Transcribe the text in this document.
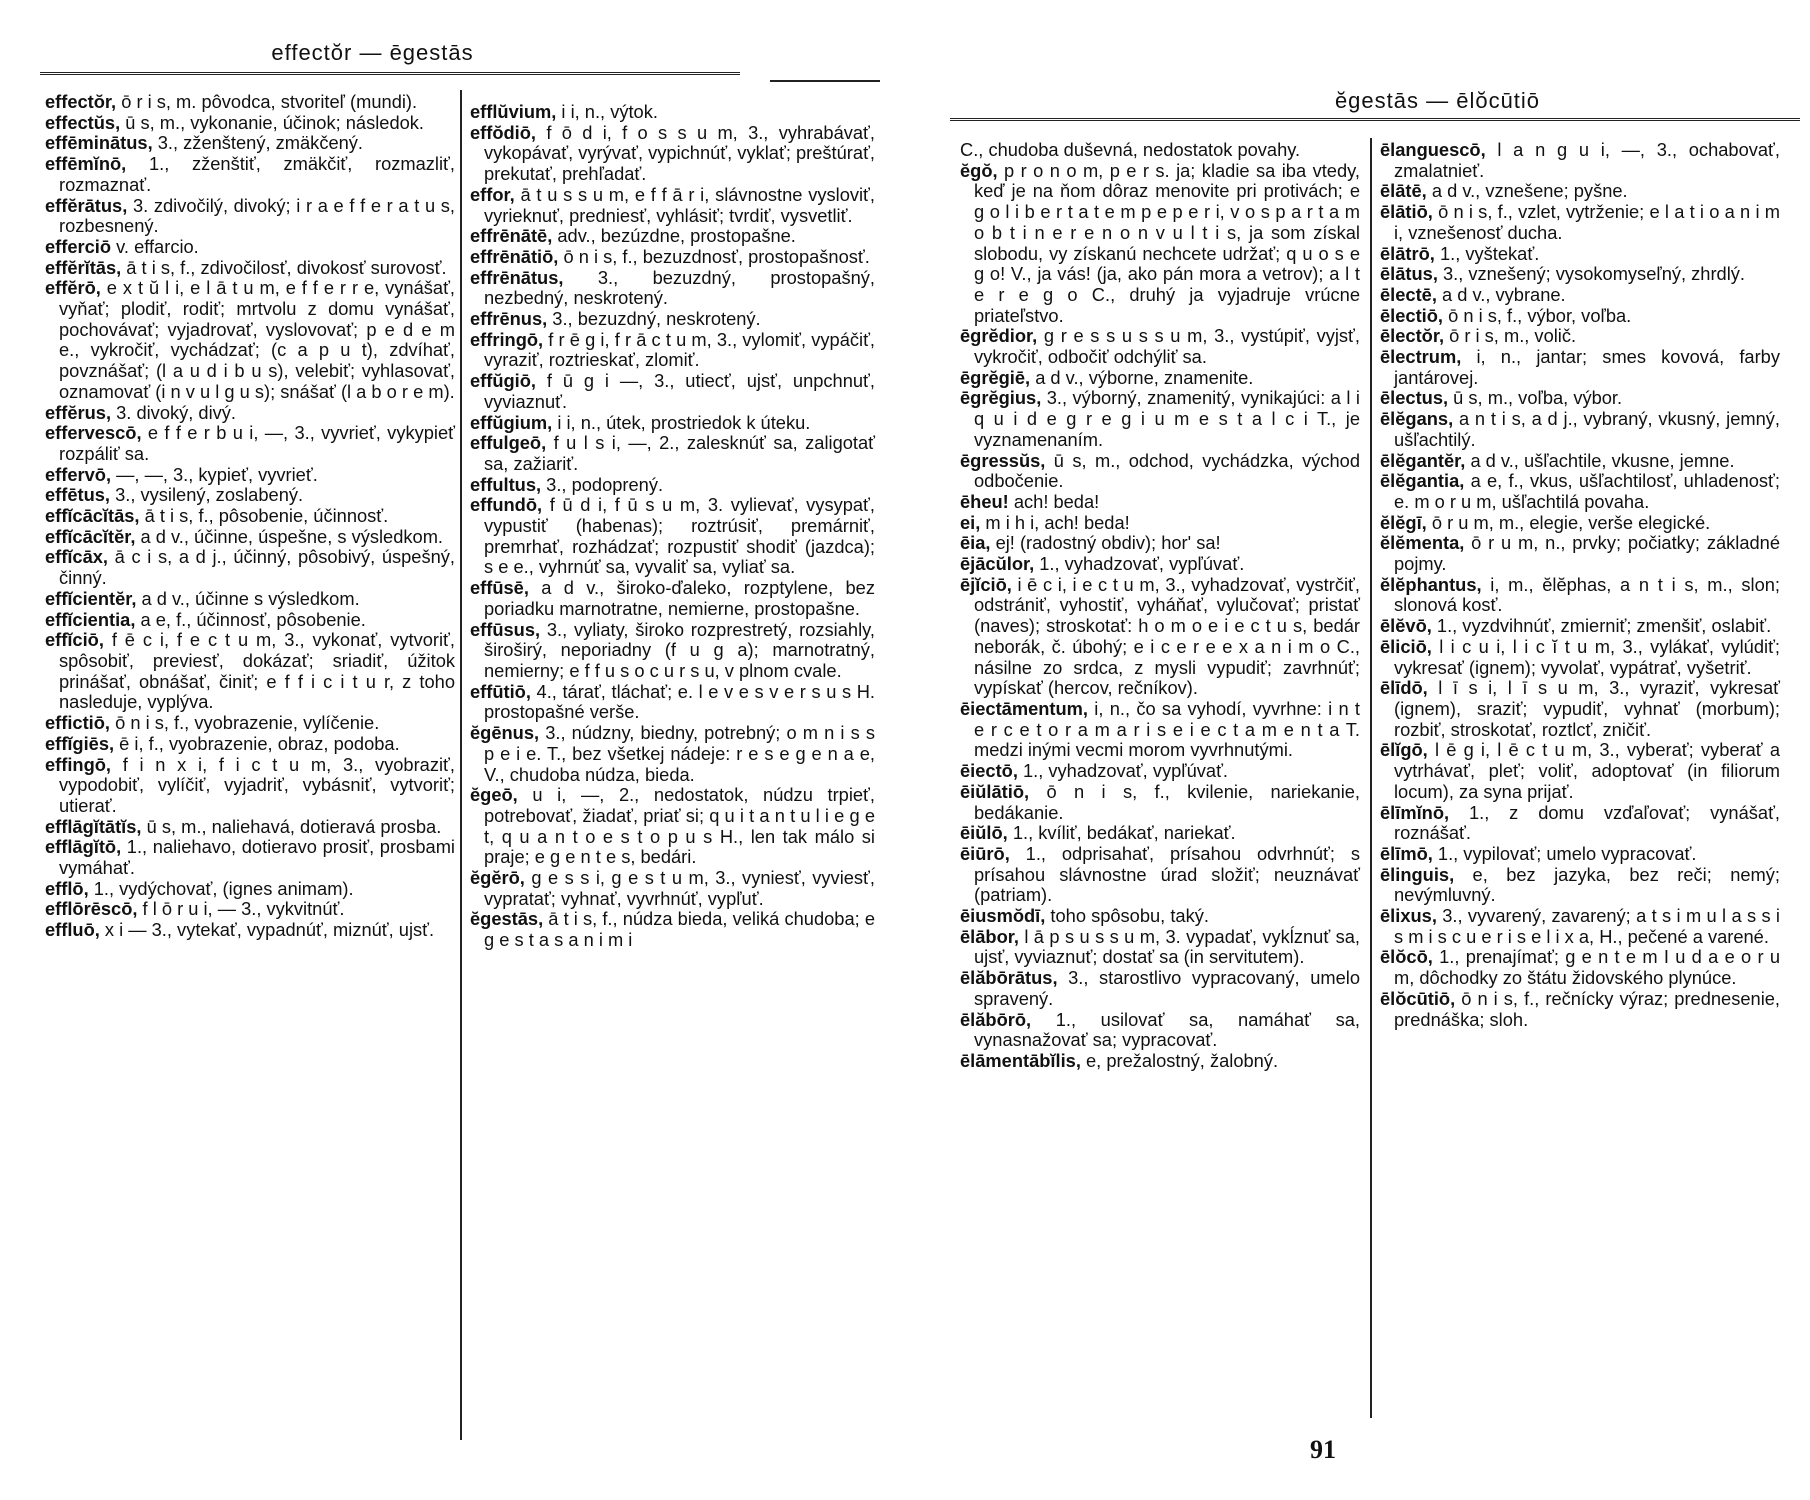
effectŏr — ēgestās
effectŏr, ō r i s, m. pôvodca, stvoriteľ (mundi).
effectŭs, ū s, m., vykonanie, účinok; následok.
effēminātus, 3., zženštený, zmäkčený.
effēmĭnō, 1., zženštiť, zmäkčiť, rozmazliť, rozmaznať.
effĕrātus, 3. zdivočilý, divoký; i r a e f f e r a t u s, rozbesnený.
efferciō v. effarcio.
effĕrĭtās, ā t i s, f., zdivočilosť, divokosť surovosť.
effĕrō, e x t ŭ l i, e l ā t u m, e f f e r r e, vynášať, vyňať; plodiť, rodiť; mrtvolu z domu vynášať, pochovávať; vyjadrovať, vyslovovať; p e d e m e., vykročiť, vychádzať; (c a p u t), zdvíhať, povznášať; (l a u d i b u s), velebiť; vyhlasovať, oznamovať (i n v u l g u s); snášať (l a b o r e m).
effĕrus, 3. divoký, divý.
effervescō, e f f e r b u i, —, 3., vyvrieť, vykypieť rozpáliť sa.
effervō, —, —, 3., kypieť, vyvrieť.
effētus, 3., vysilený, zoslabený.
effĭcācĭtās, ā t i s, f., pôsobenie, účinnosť.
effĭcācĭtĕr, a d v., účinne, úspešne, s výsledkom.
effĭcāx, ā c i s, a d j., účinný, pôsobivý, úspešný, činný.
effĭcientĕr, a d v., účinne s výsledkom.
effĭcientia, a e, f., účinnosť, pôsobenie.
effĭciō, f ē c i, f e c t u m, 3., vykonať, vytvoriť, spôsobiť, previesť, dokázať; sriadiť, úžitok prinášať, obnášať, činiť; e f f i c i t u r, z toho nasleduje, vyplýva.
effictiō, ō n i s, f., vyobrazenie, vylíčenie.
effĭgiēs, ē i, f., vyobrazenie, obraz, podoba.
effingō, f i n x i, f i c t u m, 3., vyobraziť, vypodobiť, vylíčiť, vyjadriť, vybásniť, vytvoriť; utierať.
efflāgĭtātĭs, ū s, m., naliehavá, dotieravá prosba.
efflāgĭtō, 1., naliehavo, dotieravo prosiť, prosbami vymáhať.
efflō, 1., vydýchovať, (ignes animam).
efflōrēscō, f l ō r u i, — 3., vykvitnúť.
effluō, x i — 3., vytekať, vypadnúť, miznúť, ujsť.
efflŭvium, i i, n., výtok.
effŏdiō, f ō d i, f o s s u m, 3., vyhrabávať, vykopávať, vyrývať, vypichnúť, vyklať; preštúrať, prekutať, prehľadať.
effor, ā t u s s u m, e f f ā r i, slávnostne vysloviť, vyrieknuť, predniesť, vyhlásiť; tvrdiť, vysvetliť.
effrēnātē, adv., bezúzdne, prostopašne.
effrēnātiō, ō n i s, f., bezuzdnosť, prostopašnosť.
effrēnātus, 3., bezuzdný, prostopašný, nezbedný, neskrotený.
effrēnus, 3., bezuzdný, neskrotený.
effringō, f r ē g i, f r ā c t u m, 3., vylomiť, vypáčiť, vyraziť, roztrieskať, zlomiť.
effŭgiō, f ū g i —, 3., utiecť, ujsť, unpchnuť, vyviaznuť.
effŭgium, i i, n., útek, prostriedok k úteku.
effulgeō, f u l s i, —, 2., zalesknúť sa, zaligotať sa, zažiariť.
effultus, 3., podoprený.
effundō, f ū d i, f ū s u m, 3. vylievať, vysypať, vypustiť (habenas); roztrúsiť, premárniť, premrhať, rozhádzať; rozpustiť shodiť (jazdca); s e e., vyhrnúť sa, vyvaliť sa, vyliať sa.
effūsē, a d v., široko-ďaleko, rozptylene, bez poriadku marnotratne, nemierne, prostopašne.
effūsus, 3., vyliaty, široko rozprestretý, rozsiahly, široširý, neporiadny (f u g a); marnotratný, nemierny; e f f u s o c u r s u, v plnom cvale.
effūtiō, 4., tárať, tláchať; e. l e v e s v e r s u s H. prostopašné verše.
ĕgēnus, 3., núdzny, biedny, potrebný; o m n i s s p e i e. T., bez všetkej nádeje: r e s e g e n a e, V., chudoba núdza, bieda.
ĕgeō, u i, —, 2., nedostatok, núdzu trpieť, potrebovať, žiadať, priať si; q u i t a n t u l i e g e t, q u a n t o e s t o p u s H., len tak málo si praje; e g e n t e s, bedári.
ĕgĕrō, g e s s i, g e s t u m, 3., vyniesť, vyviesť, vypratať; vyhnať, vyvrhnúť, vypľuť.
ĕgestās, ā t i s, f., núdza bieda, veliká chudoba; e g e s t a s a n i m i
ĕgestās — ēlŏcūtiō
C., chudoba duševná, nedostatok povahy.
ĕgŏ, p r o n o m, p e r s. ja; kladie sa iba vtedy, keď je na ňom dôraz menovite pri protivách; e g o l i b e r t a t e m p e p e r i, v o s p a r t a m o b t i n e r e n o n v u l t i s, ja som získal slobodu, vy získanú nechcete udržať; q u o s e g o! V., ja vás! (ja, ako pán mora a vetrov); a l t e r e g o C., druhý ja vyjadruje vrúcne priateľstvo.
ēgrĕdior, g r e s s u s s u m, 3., vystúpiť, vyjsť, vykročiť, odbočiť odchýliť sa.
ēgrĕgiē, a d v., výborne, znamenite.
ēgrĕgius, 3., výborný, znamenitý, vynikajúci: a l i q u i d e g r e g i u m e s t a l c i T., je vyznamenaním.
ēgressŭs, ū s, m., odchod, vychádzka, východ odbočenie.
ēheu! ach! beda!
ei, m i h i, ach! beda!
ēia, ej! (radostný obdiv); hor' sa!
ējācŭlor, 1., vyhadzovať, vypľúvať.
ējĭciō, i ē c i, i e c t u m, 3., vyhadzovať, vystrčiť, odstrániť, vyhostiť, vyháňať, vylučovať; pristať (naves); stroskotať: h o m o e i e c t u s, bedár neborák, č. úbohý; e i c e r e e x a n i m o C., násilne zo srdca, z mysli vypudiť; zavrhnúť; vypískať (hercov, rečníkov).
ēiectāmentum, i, n., čo sa vyhodí, vyvrhne: i n t e r c e t o r a m a r i s e i e c t a m e n t a T. medzi inými vecmi morom vyvrhnutými.
ēiectō, 1., vyhadzovať, vypľúvať.
ēiŭlātiō, ō n i s, f., kvilenie, nariekanie, bedákanie.
ēiŭlō, 1., kvíliť, bedákať, nariekať.
ēiūrō, 1., odprisahať, prísahou odvrhnúť; s prísahou slávnostne úrad složiť; neuznávať (patriam).
ēiusmŏdī, toho spôsobu, taký.
ēlābor, l ā p s u s s u m, 3. vypadať, vykĺznuť sa, ujsť, vyviaznuť; dostať sa (in servitutem).
ēlăbōrātus, 3., starostlivo vypracovaný, umelo spravený.
ēlăbōrō, 1., usilovať sa, namáhať sa, vynasnažovať sa; vypracovať.
ēlāmentābĭlis, e, prežalostný, žalobný.
ēlanguescō, l a n g u i, —, 3., ochabovať, zmalatnieť.
ēlātē, a d v., vznešene; pyšne.
ēlātiō, ō n i s, f., vzlet, vytrženie; e l a t i o a n i m i, vznešenosť ducha.
ēlātrō, 1., vyštekať.
ēlātus, 3., vznešený; vysokomyseľný, zhrdlý.
ēlectē, a d v., vybrane.
ēlectiō, ō n i s, f., výbor, voľba.
ēlectŏr, ō r i s, m., volič.
ēlectrum, i, n., jantar; smes kovová, farby jantárovej.
ēlectus, ū s, m., voľba, výbor.
ēlĕgans, a n t i s, a d j., vybraný, vkusný, jemný, ušľachtilý.
ēlĕgantĕr, a d v., ušľachtile, vkusne, jemne.
ēlĕgantia, a e, f., vkus, ušľachtilosť, uhladenosť; e. m o r u m, ušľachtilá povaha.
ĕlĕgī, ō r u m, m., elegie, verše elegické.
ĕlĕmenta, ō r u m, n., prvky; počiatky; základné pojmy.
ĕlĕphantus, i, m., ĕlĕphas, a n t i s, m., slon; slonová kosť.
ēlĕvō, 1., vyzdvihnúť, zmierniť; zmenšiť, oslabiť.
ēliciō, l i c u i, l i c ĭ t u m, 3., vylákať, vylúdiť; vykresať (ignem); vyvolať, vypátrať, vyšetriť.
ēlīdō, l ī s i, l ī s u m, 3., vyraziť, vykresať (ignem), sraziť; vypudiť, vyhnať (morbum); rozbiť, stroskotať, roztlcť, zničiť.
ēlĭgō, l ē g i, l ē c t u m, 3., vyberať; vyberať a vytrhávať, pleť; voliť, adoptovať (in filiorum locum), za syna prijať.
ēlīmĭnō, 1., z domu vzďaľovať; vynášať, roznášať.
ēlīmō, 1., vypilovať; umelo vypracovať.
ēlinguis, e, bez jazyka, bez reči; nemý; nevýmluvný.
ēlixus, 3., vyvarený, zavarený; a t s i m u l a s s i s m i s c u e r i s e l i x a, H., pečené a varené.
ēlŏcō, 1., prenajímať; g e n t e m I u d a e o r u m, dôchodky zo štátu židovského plynúce.
ēlŏcūtiō, ō n i s, f., rečnícky výraz; prednesenie, prednáška; sloh.
91
